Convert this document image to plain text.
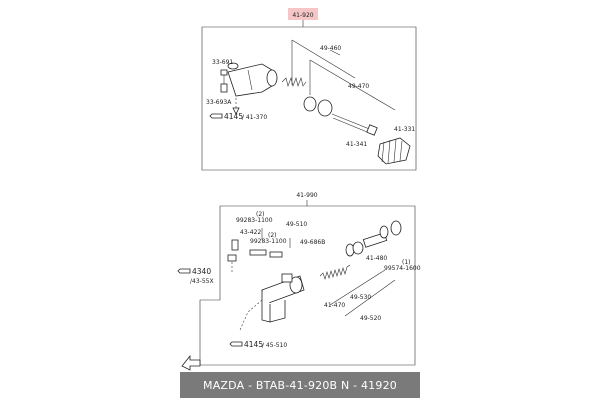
41-920
49-460
49-470
41-331
41-341
33-691
33-693A
4145
/ 41-370
41-990
99283-1100
(2)
43-422
99283-1100
(2)
49-510
49-686B
41-480
(1)
99574-1600
41-470
49-530
49-520
4340
/43-55X
4145
/ 45-510
MAZDA - BTAB-41-920B N - 41920
